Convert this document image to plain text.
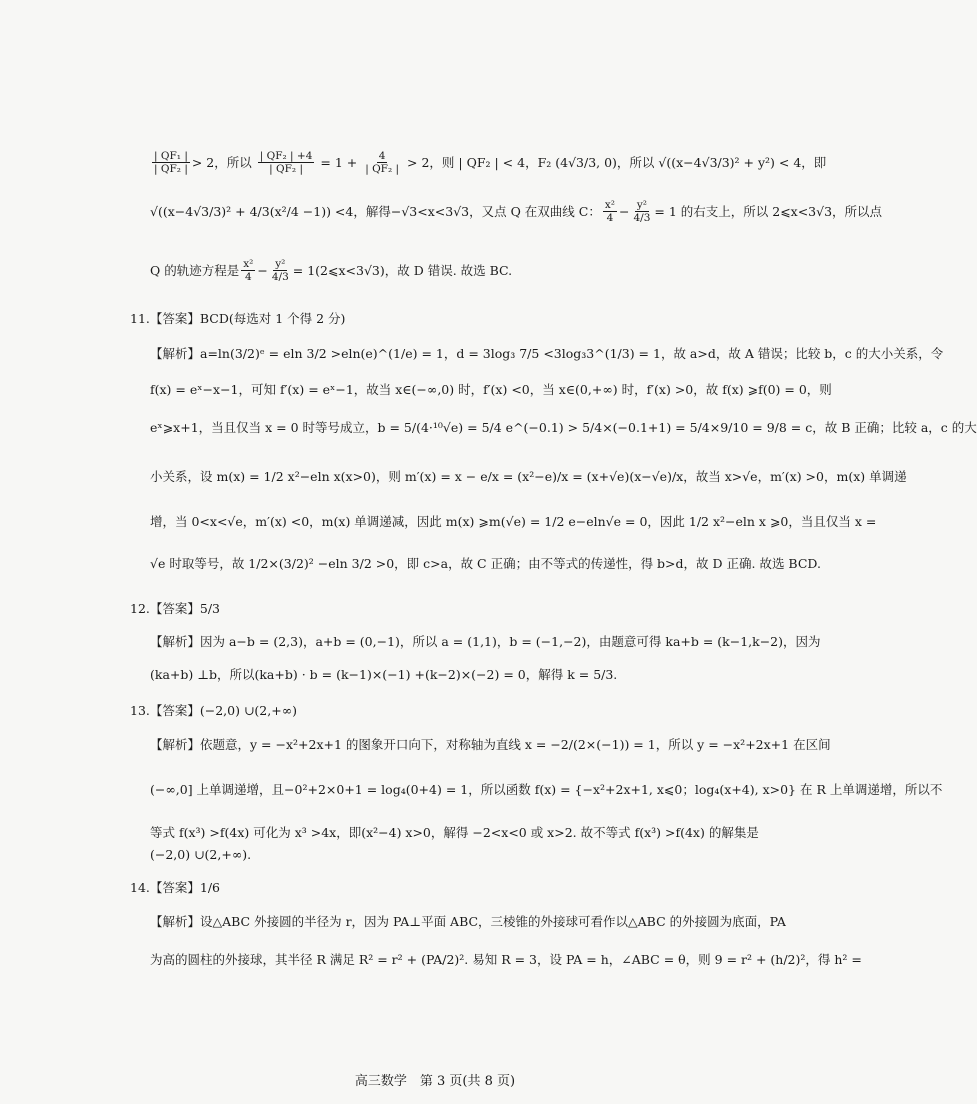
$\frac{\text{| QF₁ |}}{\text{| QF₂ |}} > 2$，所以 $\frac{\text{| QF₂ | +4}}{\text{| QF₂ |}} = 1 + \frac{4}{\text{| QF₂ |}} > 2$，则 | QF₂ | < 4，F₂ (4√3/3, 0)，所以 √((x−4√3/3)² + y²) < 4，即
√((x−4√3/3)² + 4/3(x²/4 −1)) <4，解得−√3<x<3√3，又点 Q 在双曲线 C： $\frac{\text{x²}}{4} - \frac{\text{y²}}{4/3} = 1$ 的右支上，所以 2⩽x<3√3，所以点
Q 的轨迹方程是 $\frac{\text{x²}}{4} - \frac{\text{y²}}{4/3}$ = 1(2⩽x<3√3)，故 D 错误. 故选 BC.
11.【答案】BCD(每选对 1 个得 2 分)
【解析】a=ln(3/2)ᵉ = eln 3/2 >eln(e)^(1/e) = 1，d = 3log₃ 7/5 <3log₃3^(1/3) = 1，故 a>d，故 A 错误；比较 b，c 的大小关系，令
f(x) = eˣ−x−1，可知 f′(x) = eˣ−1，故当 x∈(−∞,0) 时，f′(x) <0，当 x∈(0,+∞) 时，f′(x) >0，故 f(x) ⩾f(0) = 0，则
eˣ⩾x+1，当且仅当 x = 0 时等号成立，b = 5/(4·¹⁰√e) = 5/4 e^(−0.1) > 5/4×(−0.1+1) = 5/4×9/10 = 9/8 = c，故 B 正确；比较 a，c 的大
小关系，设 m(x) = 1/2 x²−eln x(x>0)，则 m′(x) = x − e/x = (x²−e)/x = (x+√e)(x−√e)/x，故当 x>√e，m′(x) >0，m(x) 单调递
增，当 0<x<√e，m′(x) <0，m(x) 单调递减，因此 m(x) ⩾m(√e) = 1/2 e−eln√e = 0，因此 1/2 x²−eln x ⩾0，当且仅当 x =
√e 时取等号，故 1/2×(3/2)² −eln 3/2 >0，即 c>a，故 C 正确；由不等式的传递性，得 b>d，故 D 正确. 故选 BCD.
12.【答案】5/3
【解析】因为 a−b = (2,3)，a+b = (0,−1)，所以 a = (1,1)，b = (−1,−2)，由题意可得 ka+b = (k−1,k−2)，因为
(ka+b) ⊥b，所以(ka+b) · b = (k−1)×(−1) +(k−2)×(−2) = 0，解得 k = 5/3.
13.【答案】(−2,0) ∪(2,+∞)
【解析】依题意，y = −x²+2x+1 的图象开口向下，对称轴为直线 x = −2/(2×(−1)) = 1，所以 y = −x²+2x+1 在区间
(−∞,0] 上单调递增，且−0²+2×0+1 = log₄(0+4) = 1，所以函数 f(x) = {−x²+2x+1, x⩽0；log₄(x+4), x>0} 在 R 上单调递增，所以不
等式 f(x³) >f(4x) 可化为 x³ >4x，即(x²−4) x>0，解得 −2<x<0 或 x>2. 故不等式 f(x³) >f(4x) 的解集是
(−2,0) ∪(2,+∞).
14.【答案】1/6
【解析】设△ABC 外接圆的半径为 r，因为 PA⊥平面 ABC，三棱锥的外接球可看作以△ABC 的外接圆为底面，PA
为高的圆柱的外接球，其半径 R 满足 R² = r² + (PA/2)². 易知 R = 3，设 PA = h，∠ABC = θ，则 9 = r² + (h/2)²，得 h² =
高三数学　第 3 页(共 8 页)
